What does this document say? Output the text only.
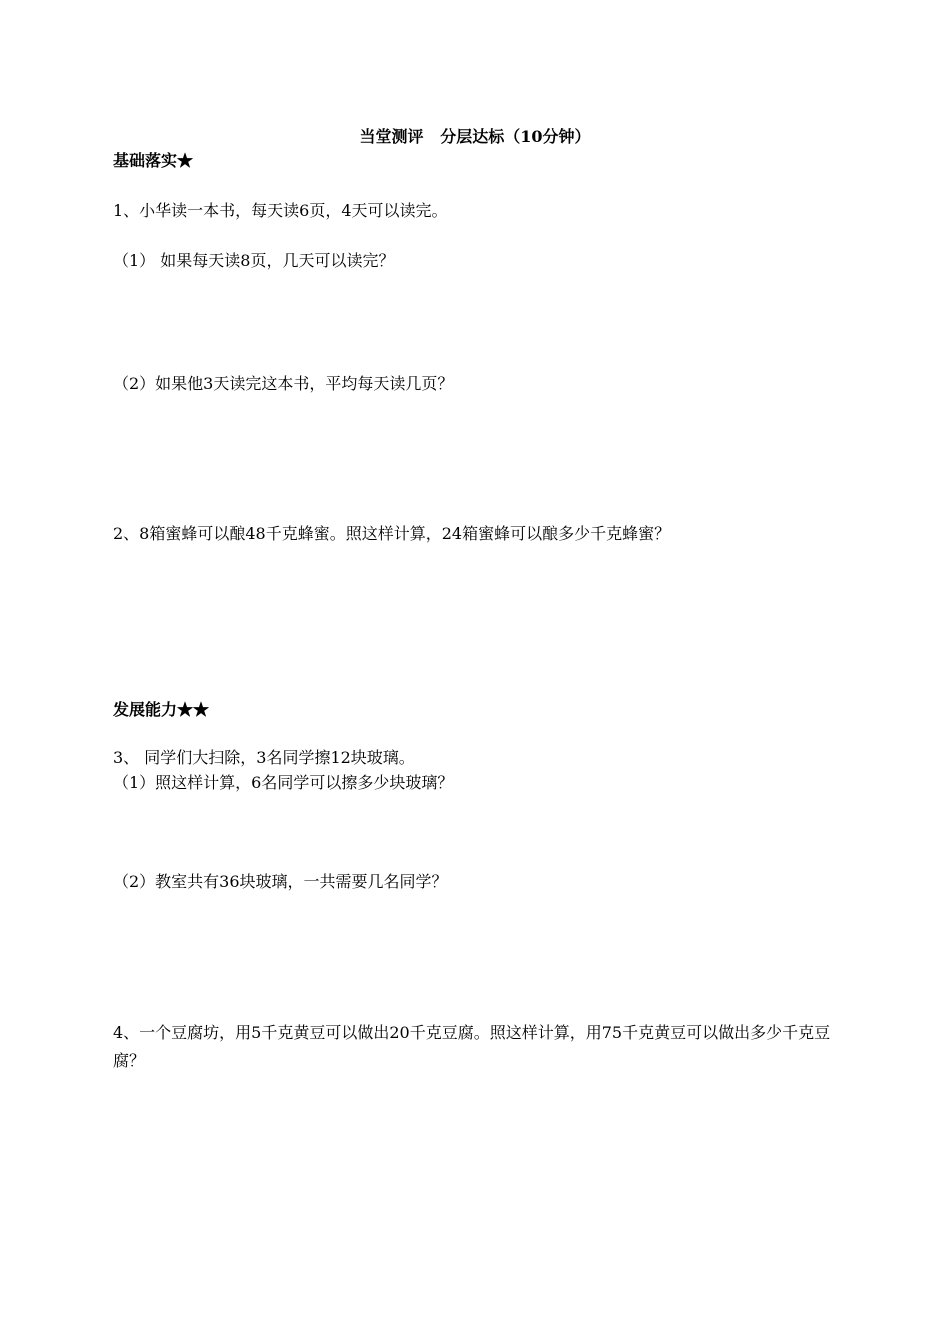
当堂测评   分层达标（10分钟）
基础落实★
1、小华读一本书，每天读6页，4天可以读完。
（1） 如果每天读8页，几天可以读完？
（2）如果他3天读完这本书，平均每天读几页？
2、8箱蜜蜂可以酿48千克蜂蜜。照这样计算，24箱蜜蜂可以酿多少千克蜂蜜？
发展能力★★
3、 同学们大扫除，3名同学擦12块玻璃。
（1）照这样计算，6名同学可以擦多少块玻璃？
（2）教室共有36块玻璃，一共需要几名同学？
4、一个豆腐坊，用5千克黄豆可以做出20千克豆腐。照这样计算，用75千克黄豆可以做出多少千克豆腐？
